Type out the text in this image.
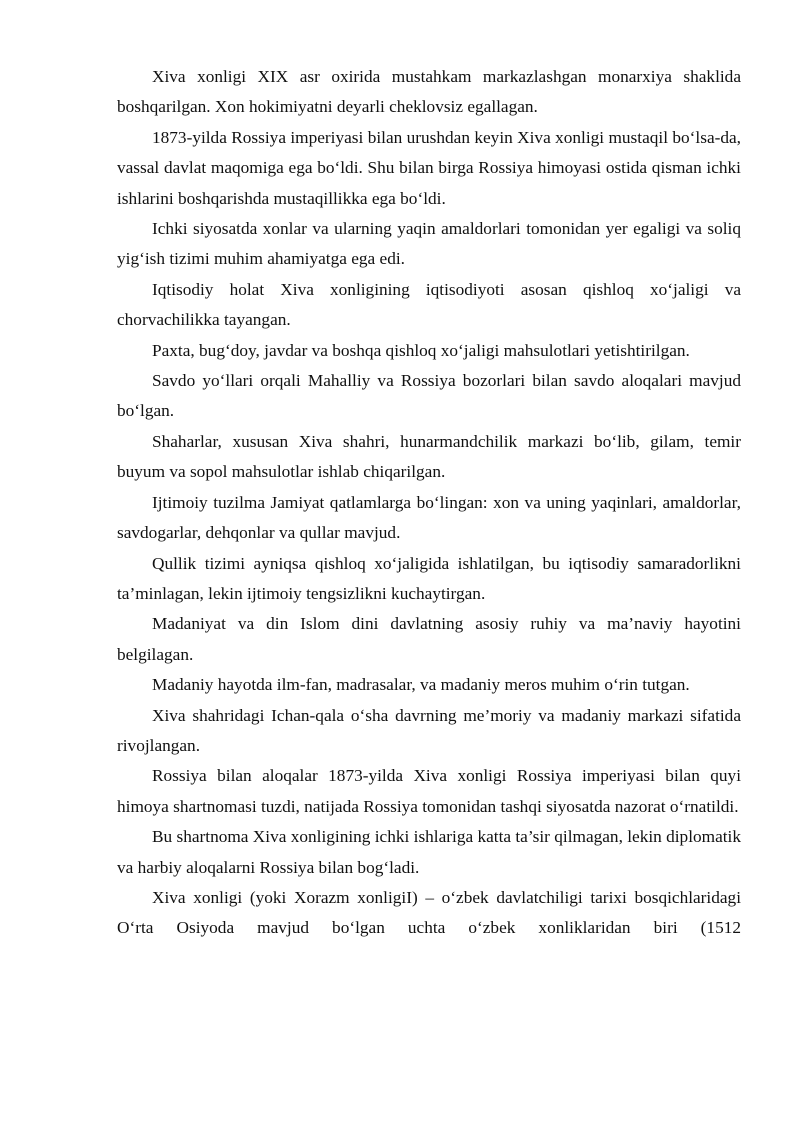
Xiva xonligi XIX asr oxirida mustahkam markazlashgan monarxiya shaklida boshqarilgan. Xon hokimiyatni deyarli cheklovsiz egallagan.

1873-yilda Rossiya imperiyasi bilan urushdan keyin Xiva xonligi mustaqil bo‘lsa-da, vassal davlat maqomiga ega bo‘ldi. Shu bilan birga Rossiya himoyasi ostida qisman ichki ishlarini boshqarishda mustaqillikka ega bo‘ldi.

Ichki siyosatda xonlar va ularning yaqin amaldorlari tomonidan yer egaligi va soliq yig‘ish tizimi muhim ahamiyatga ega edi.

Iqtisodiy holat Xiva xonligining iqtisodiyoti asosan qishloq xo‘jaligi va chorvachilikka tayangan.

Paxta, bug‘doy, javdar va boshqa qishloq xo‘jaligi mahsulotlari yetishtirilgan.

Savdo yo‘llari orqali Mahalliy va Rossiya bozorlari bilan savdo aloqalari mavjud bo‘lgan.

Shaharlar, xususan Xiva shahri, hunarmandchilik markazi bo‘lib, gilam, temir buyum va sopol mahsulotlar ishlab chiqarilgan.

Ijtimoiy tuzilma Jamiyat qatlamlarga bo‘lingan: xon va uning yaqinlari, amaldorlar, savdogarlar, dehqonlar va qullar mavjud.

Qullik tizimi ayniqsa qishloq xo‘jaligida ishlatilgan, bu iqtisodiy samaradorlikni ta’minlagan, lekin ijtimoiy tengsizlikni kuchaytirgan.

Madaniyat va din Islom dini davlatning asosiy ruhiy va ma’naviy hayotini belgilagan.

Madaniy hayotda ilm-fan, madrasalar, va madaniy meros muhim o‘rin tutgan.

Xiva shahridagi Ichan-qala o‘sha davrning me’moriy va madaniy markazi sifatida rivojlangan.

Rossiya bilan aloqalar 1873-yilda Xiva xonligi Rossiya imperiyasi bilan quyi himoya shartnomasi tuzdi, natijada Rossiya tomonidan tashqi siyosatda nazorat o‘rnatildi.

Bu shartnoma Xiva xonligining ichki ishlariga katta ta’sir qilmagan, lekin diplomatik va harbiy aloqalarni Rossiya bilan bog‘ladi.

Xiva xonligi (yoki Xorazm xonligiI) – o‘zbek davlatchiligi tarixi bosqichlaridagi O‘rta Osiyoda mavjud bo‘lgan uchta o‘zbek xonliklaridan biri (1512
